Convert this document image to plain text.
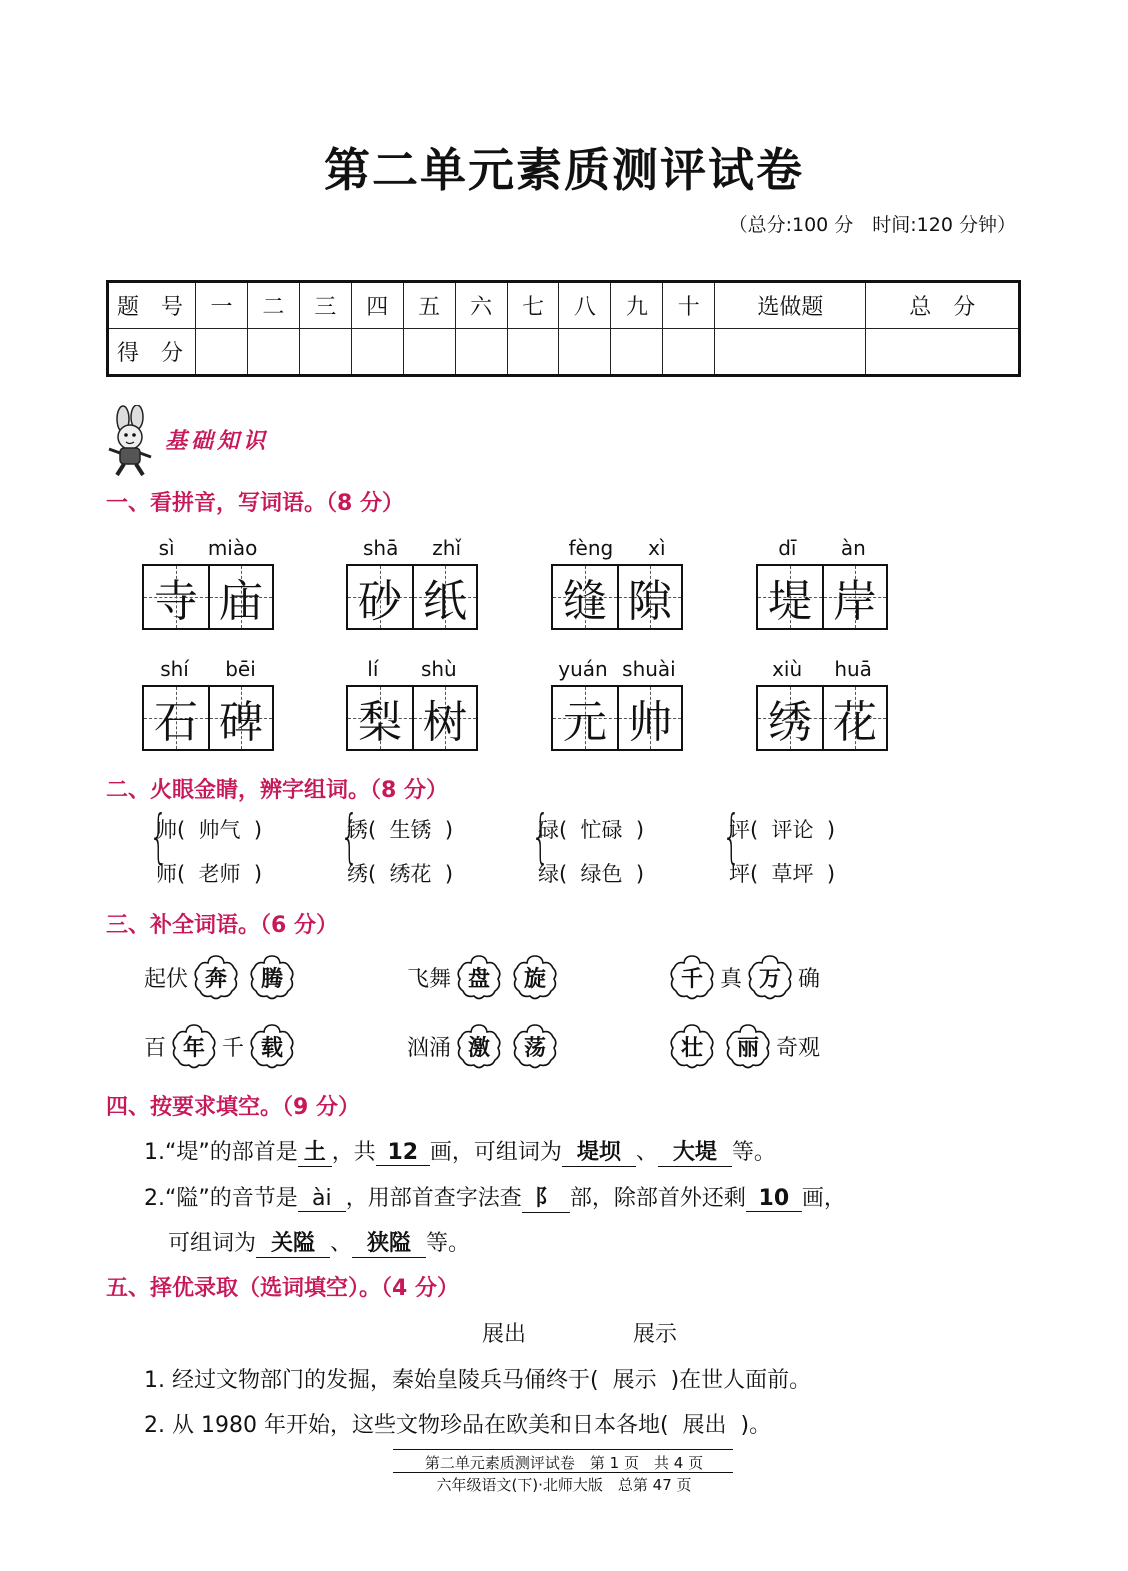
第二单元素质测评试卷
（总分:100 分　时间:120 分钟）
题　号	一	二	三	四	五	六	七	八	九	十	选做题	总　分
得　分												
基础知识
一、看拼音，写词语。（8 分）
sì miào
寺 庙
shā zhǐ
砂 纸
fèng xì
缝 隙
dī àn
堤 岸
shí bēi
石 碑
lí shù
梨 树
yuán shuài
元 帅
xiù huā
绣 花
二、火眼金睛，辨字组词。（8 分）
{
帅(  帅气  )
师(  老师  )
{
锈(  生锈  )
绣(  绣花  )
{
碌(  忙碌  )
绿(  绿色  )
{
评(  评论  )
坪(  草坪  )
三、补全词语。（6 分）
起伏 奔 腾	飞舞 盘 旋	千 真 万 确
百 年 千 载	汹涌 激 荡	壮 丽 奇观
四、按要求填空。（9 分）
1.“堤”的部首是 土 ，共 12 画，可组词为 堤坝 、 大堤 等。
2.“隘”的音节是 ài ，用部首查字法查 阝 部，除部首外还剩 10 画，
可组词为 关隘 、 狭隘 等。
五、择优录取（选词填空）。（4 分）
展出	展示
1. 经过文物部门的发掘，秦始皇陵兵马俑终于(  展示  )在世人面前。
2. 从 1980 年开始，这些文物珍品在欧美和日本各地(  展出  )。
第二单元素质测评试卷　第 1 页　共 4 页
六年级语文(下)·北师大版　总第 47 页
